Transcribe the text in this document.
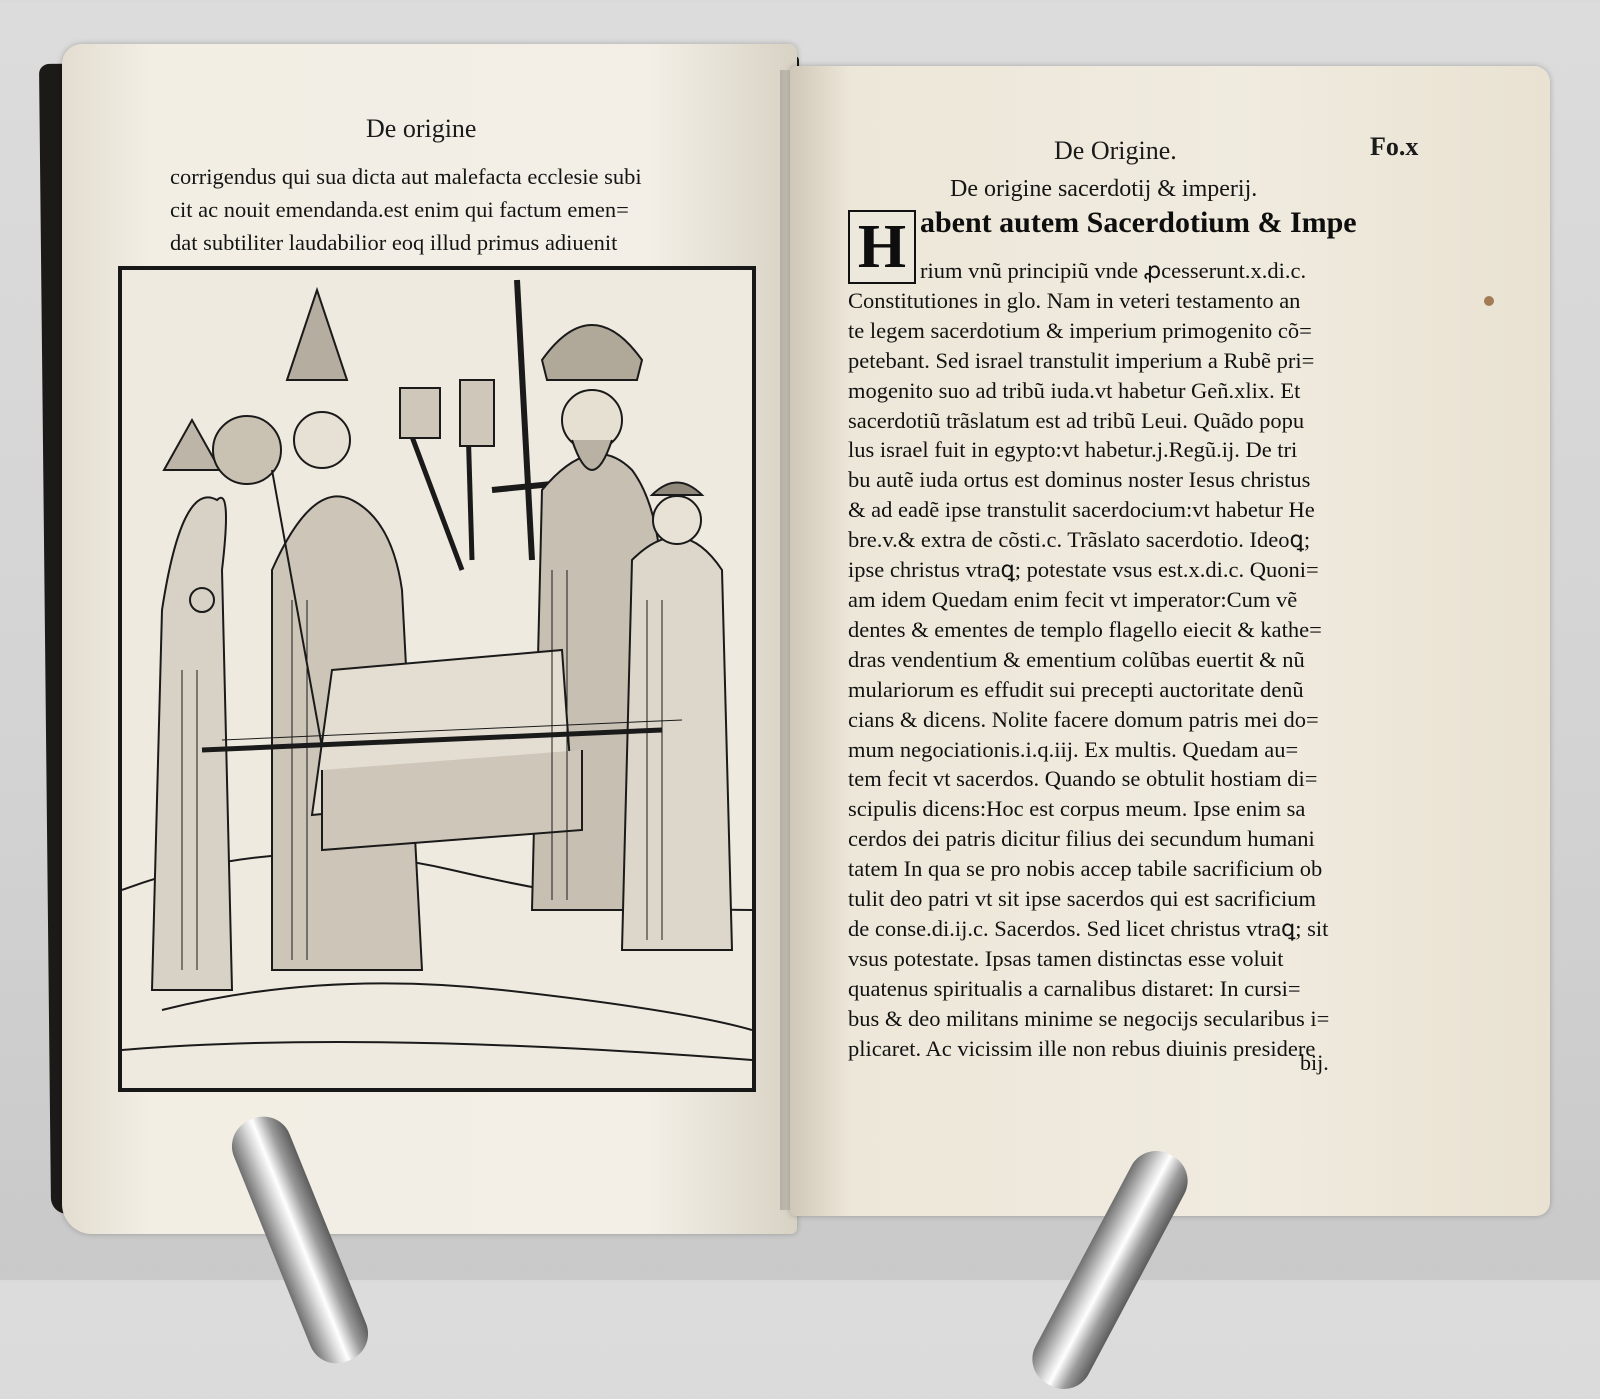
De origine
corrigendus qui sua dicta aut malefacta ecclesie subi
cit ac nouit emendanda.est enim qui factum emen=
dat subtiliter laudabilior eoq illud primus adiuenit
De Origine.	Fo.x
De origine sacerdotij & imperij.
H abent autem Sacerdotium & Impe
rium vnũ principiũ vnde ꝓcesserunt.x.di.c.
Constitutiones in glo. Nam in veteri testamento an
te legem sacerdotium & imperium primogenito cõ=
petebant. Sed israel transtulit imperium a Rubẽ pri=
mogenito suo ad tribũ iuda.vt habetur Geñ.xlix. Et
sacerdotiũ trãslatum est ad tribũ Leui. Quãdo popu
lus israel fuit in egypto:vt habetur.j.Regũ.ij. De tri
bu autẽ iuda ortus est dominus noster Iesus christus
& ad eadẽ ipse transtulit sacerdocium:vt habetur He
bre.v.& extra de cõsti.c. Trãslato sacerdotio. Ideoꝗ;
ipse christus vtraꝗ; potestate vsus est.x.di.c. Quoni=
am idem Quedam enim fecit vt imperator:Cum vẽ
dentes & ementes de templo flagello eiecit & kathe=
dras vendentium & ementium colũbas euertit & nũ
mulariorum es effudit sui precepti auctoritate denũ
cians & dicens. Nolite facere domum patris mei do=
mum negociationis.i.q.iij. Ex multis. Quedam au=
tem fecit vt sacerdos. Quando se obtulit hostiam di=
scipulis dicens:Hoc est corpus meum. Ipse enim sa
cerdos dei patris dicitur filius dei secundum humani
tatem In qua se pro nobis accep tabile sacrificium ob
tulit deo patri vt sit ipse sacerdos qui est sacrificium
de conse.di.ij.c. Sacerdos. Sed licet christus vtraꝗ; sit
vsus potestate. Ipsas tamen distinctas esse voluit
quatenus spiritualis a carnalibus distaret: In cursi=
bus & deo militans minime se negocijs secularibus i=
plicaret. Ac vicissim ille non rebus diuinis presidere
bij.
